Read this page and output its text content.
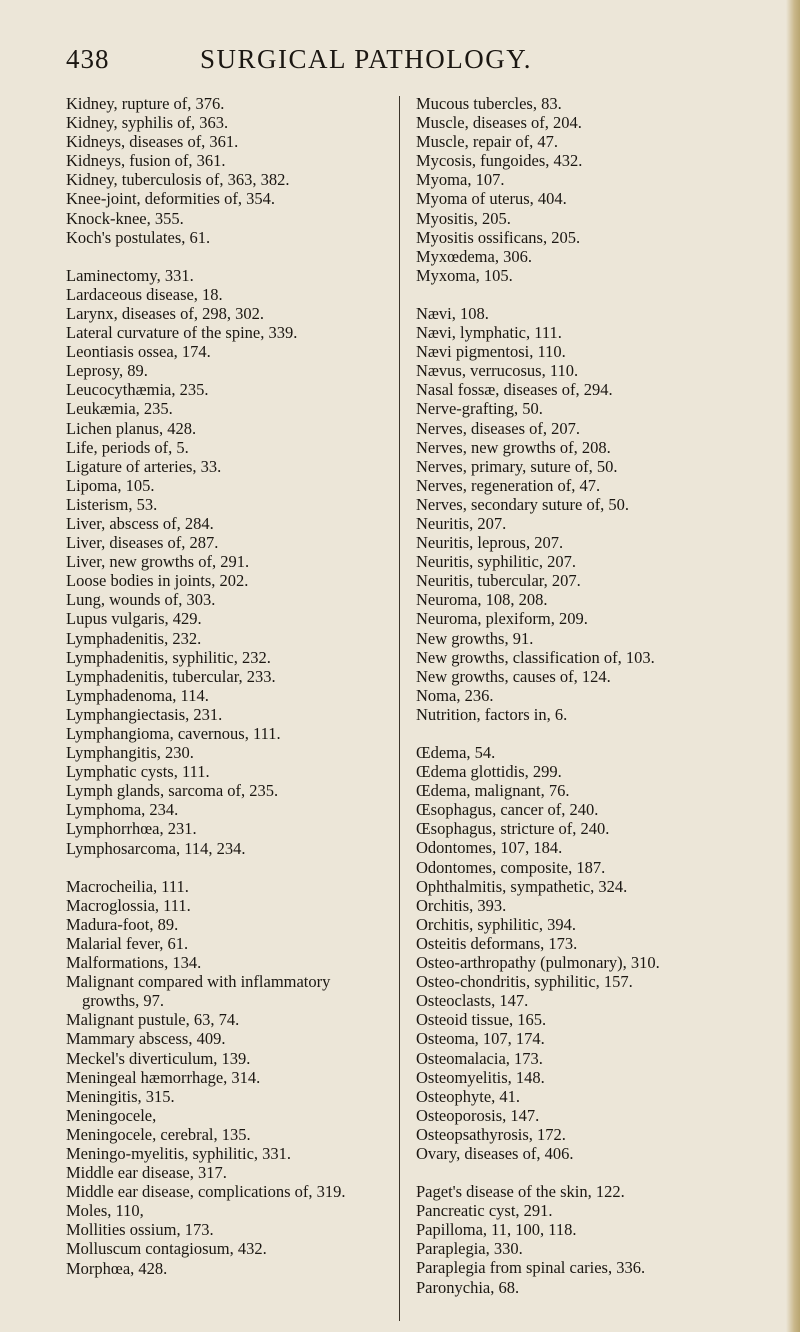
438	SURGICAL PATHOLOGY.

Kidney, rupture of, 376.

Kidney, syphilis of, 363.

Kidneys, diseases of, 361.

Kidneys, fusion of, 361.

Kidney, tuberculosis of, 363, 382.

Knee-joint, deformities of, 354.

Knock-knee, 355.

Koch's postulates, 61.

Laminectomy, 331.

Lardaceous disease, 18.

Larynx, diseases of, 298, 302.

Lateral curvature of the spine, 339.

Leontiasis ossea, 174.

Leprosy, 89.

Leucocythæmia, 235.

Leukæmia, 235.

Lichen planus, 428.

Life, periods of, 5.

Ligature of arteries, 33.

Lipoma, 105.

Listerism, 53.

Liver, abscess of, 284.

Liver, diseases of, 287.

Liver, new growths of, 291.

Loose bodies in joints, 202.

Lung, wounds of, 303.

Lupus vulgaris, 429.

Lymphadenitis, 232.

Lymphadenitis, syphilitic, 232.

Lymphadenitis, tubercular, 233.

Lymphadenoma, 114.

Lymphangiectasis, 231.

Lymphangioma, cavernous, 111.

Lymphangitis, 230.

Lymphatic cysts, 111.

Lymph glands, sarcoma of, 235.

Lymphoma, 234.

Lymphorrhœa, 231.

Lymphosarcoma, 114, 234.

Macrocheilia, 111.

Macroglossia, 111.

Madura-foot, 89.

Malarial fever, 61.

Malformations, 134.

Malignant compared with inflammatory growths, 97.

Malignant pustule, 63, 74.

Mammary abscess, 409.

Meckel's diverticulum, 139.

Meningeal hæmorrhage, 314.

Meningitis, 315.

Meningocele,

Meningocele, cerebral, 135.

Meningo-myelitis, syphilitic, 331.

Middle ear disease, 317.

Middle ear disease, complications of, 319.

Moles, 110,

Mollities ossium, 173.

Molluscum contagiosum, 432.

Morphœa, 428.

Mucous tubercles, 83.

Muscle, diseases of, 204.

Muscle, repair of, 47.

Mycosis, fungoides, 432.

Myoma, 107.

Myoma of uterus, 404.

Myositis, 205.

Myositis ossificans, 205.

Myxœdema, 306.

Myxoma, 105.

Nævi, 108.

Nævi, lymphatic, 111.

Nævi pigmentosi, 110.

Nævus, verrucosus, 110.

Nasal fossæ, diseases of, 294.

Nerve-grafting, 50.

Nerves, diseases of, 207.

Nerves, new growths of, 208.

Nerves, primary, suture of, 50.

Nerves, regeneration of, 47.

Nerves, secondary suture of, 50.

Neuritis, 207.

Neuritis, leprous, 207.

Neuritis, syphilitic, 207.

Neuritis, tubercular, 207.

Neuroma, 108, 208.

Neuroma, plexiform, 209.

New growths, 91.

New growths, classification of, 103.

New growths, causes of, 124.

Noma, 236.

Nutrition, factors in, 6.

Œdema, 54.

Œdema glottidis, 299.

Œdema, malignant, 76.

Œsophagus, cancer of, 240.

Œsophagus, stricture of, 240.

Odontomes, 107, 184.

Odontomes, composite, 187.

Ophthalmitis, sympathetic, 324.

Orchitis, 393.

Orchitis, syphilitic, 394.

Osteitis deformans, 173.

Osteo-arthropathy (pulmonary), 310.

Osteo-chondritis, syphilitic, 157.

Osteoclasts, 147.

Osteoid tissue, 165.

Osteoma, 107, 174.

Osteomalacia, 173.

Osteomyelitis, 148.

Osteophyte, 41.

Osteoporosis, 147.

Osteopsathyrosis, 172.

Ovary, diseases of, 406.

Paget's disease of the skin, 122.

Pancreatic cyst, 291.

Papilloma, 11, 100, 118.

Paraplegia, 330.

Paraplegia from spinal caries, 336.

Paronychia, 68.
